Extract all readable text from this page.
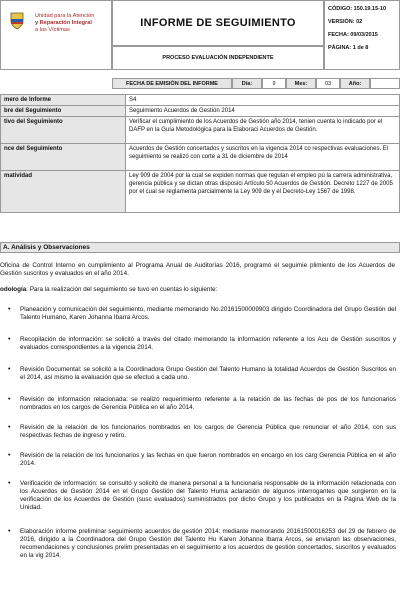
Unidad para la Atención
y Reparación Integral
a las Víctimas
INFORME DE SEGUIMIENTO
PROCESO EVALUACIÓN INDEPENDIENTE
CÓDIGO: 150.19.15-10
VERSIÓN: 02
FECHA: 09/03/2015
PÁGINA: 1 de 8
FECHA DE EMISIÓN DEL INFORME	Día:	9	Mes:	03	Año:
mero de Informe	S4
bre del Seguimiento	Seguimiento Acuerdos de Gestión 2014
tivo del Seguimiento	Verificar el cumplimiento de los Acuerdos de Gestión año 2014, tenien cuenta lo indicado por el DAFP en la Guía Metodológica para la Elaboraci Acuerdos de Gestión.
nce del Seguimiento	Acuerdos de Gestión concertados y suscritos en la vigencia 2014 co respectivas evaluaciones. El seguimiento se realizó con corte a 31 de diciembre de 2014
matividad	Ley 909 de 2004 por la cual se expiden normas que regulan el empleo pú la carrera administrativa, gerencia pública y se dictan otras disposici Artículo 50 Acuerdos de Gestión. Decreto 1227 de 2005 por el cual se reglamenta parcialmente la Ley 909 de y el Decreto-Ley 1567 de 1998.
A. Análisis y Observaciones
Oficina de Control Interno en cumplimiento al Programa Anual de Auditorías 2016, programó el seguimie plimiento de los Acuerdos de Gestión suscritos y evaluados en el año 2014.
odología: Para la realización del seguimiento se tuvo en cuentas lo siguiente:
• Planeación y comunicación del seguimiento, mediante memorando No.20161500009903 dirigido Coordinadora del Grupo Gestión del Talento Humano, Karen Johanna Ibarra Arcos.
• Recopilación de información: se solicitó a través del citado memorando la información referente a los Acu de Gestión suscritos y evaluados correspondientes a la vigencia 2014.
• Revisión Documental: se solicitó a la Coordinadora Grupo Gestión del Talento Humano la totalidad Acuerdos de Gestión Suscritos en el 2014, así mismo la evaluación que se efectuó a cada uno.
• Revisión de información relacionada: se realizó requerimiento referente a la relación de las fechas de pos de los funcionarios nombrados en los cargos de Gerencia Pública en el año 2014.
• Revisión de la relación de los funcionarios nombrados en los cargos de Gerencia Pública que renunciar el año 2014, con sus respectivas fechas de ingreso y retiro.
• Revisión de la relación de los funcionarios y las fechas en que fueron nombrados en encargo en los carg Gerencia Pública en el año 2014.
• Verificación de información: se consultó y solicitó de manera personal a la funcionaria responsable de la información relacionada con los Acuerdos de Gestión 2014 en el Grupo Gestión del Talento Huma aclaración de algunos interrogantes que surgieron en la verificación de los Acuerdos de Gestión (susc evaluados) suministrados por dicho Grupo y los publicados en la Página Web de la Unidad.
• Elaboración informe preliminar seguimiento acuerdos de gestión 2014: mediante memorando 20161500016253 del 29 de febrero de 2016, dirigido a la Coordinadora del Grupo Gestión del Talento Hu Karen Johanna Ibarra Arcos, se enviaron las observaciones, recomendaciones y conclusiones prelim presentadas en el seguimiento a los acuerdos de gestión concertados, suscritos y evaluados en la vig 2014.
